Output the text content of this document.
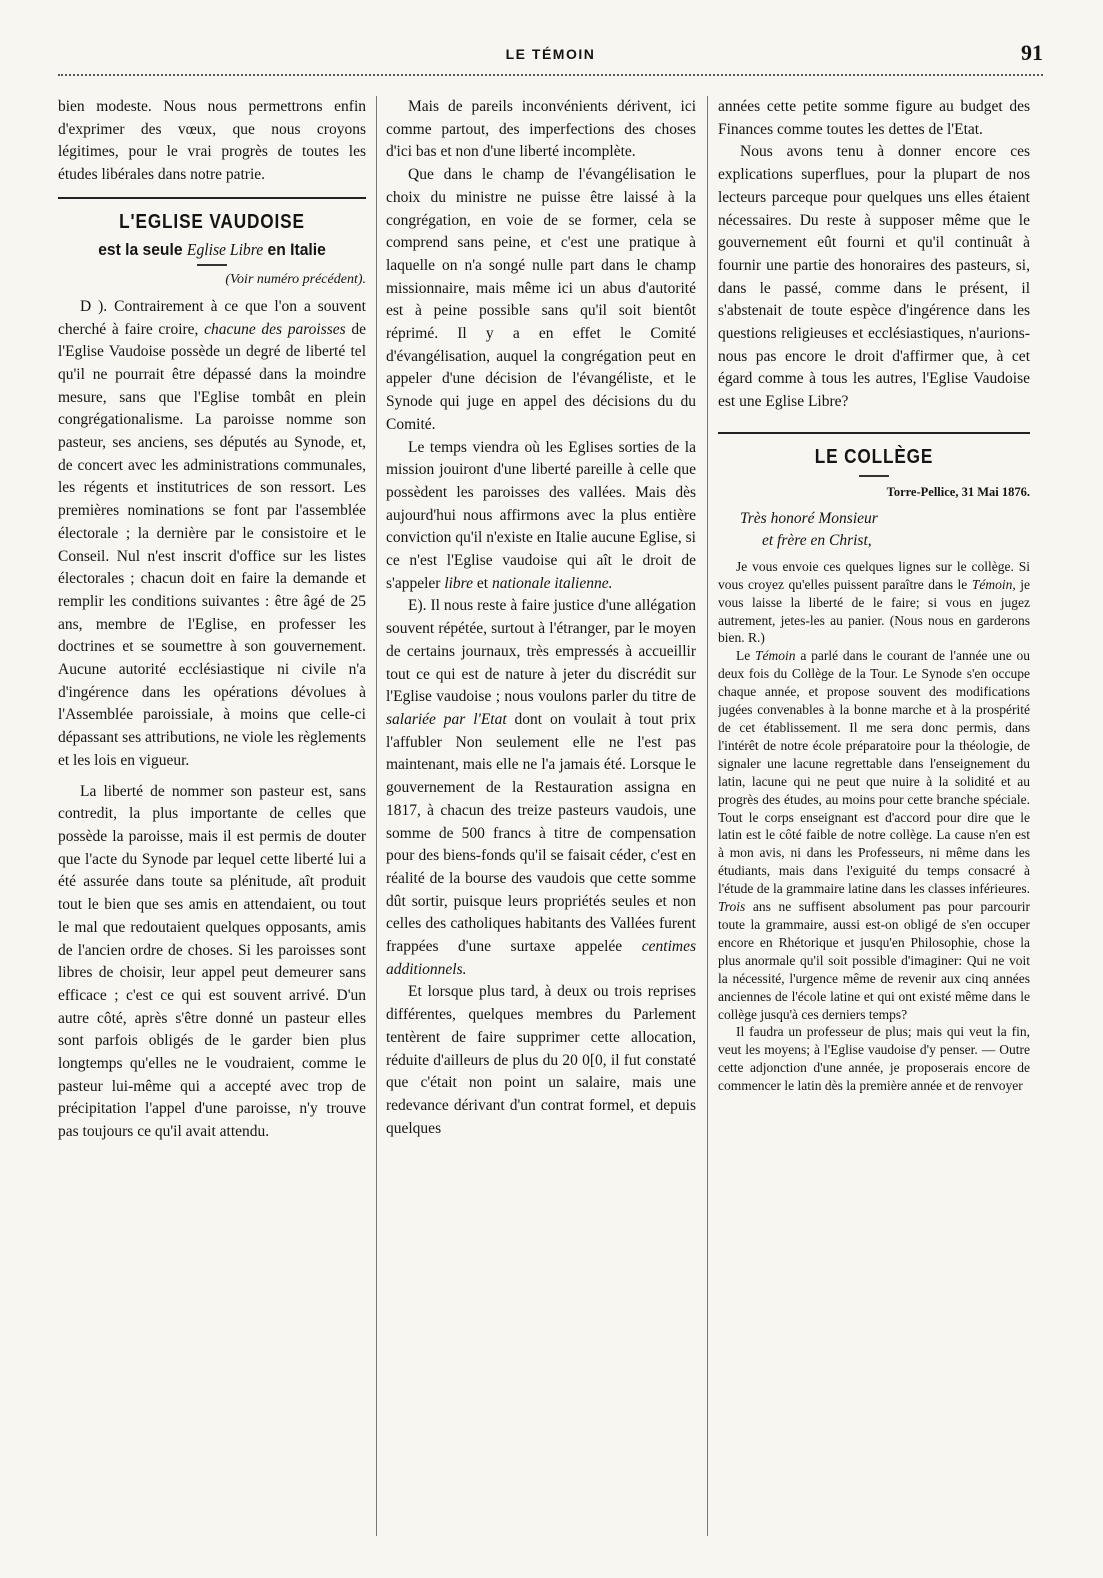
LE TÉMOIN	91

bien modeste. Nous nous permettrons enfin d'exprimer des vœux, que nous croyons légitimes, pour le vrai progrès de toutes les études libérales dans notre patrie.

L'EGLISE VAUDOISE
est la seule Eglise Libre en Italie
(Voir numéro précédent).

D ). Contrairement à ce que l'on a souvent cherché à faire croire, chacune des paroisses de l'Eglise Vaudoise possède un degré de liberté tel qu'il ne pourrait être dépassé dans la moindre mesure, sans que l'Eglise tombât en plein congrégationalisme. La paroisse nomme son pasteur, ses anciens, ses députés au Synode, et, de concert avec les administrations communales, les régents et institutrices de son ressort. Les premières nominations se font par l'assemblée électorale ; la dernière par le consistoire et le Conseil. Nul n'est inscrit d'office sur les listes électorales ; chacun doit en faire la demande et remplir les conditions suivantes : être âgé de 25 ans, membre de l'Eglise, en professer les doctrines et se soumettre à son gouvernement. Aucune autorité ecclésiastique ni civile n'a d'ingérence dans les opérations dévolues à l'Assemblée paroissiale, à moins que celle-ci dépassant ses attributions, ne viole les règlements et les lois en vigueur.

La liberté de nommer son pasteur est, sans contredit, la plus importante de celles que possède la paroisse, mais il est permis de douter que l'acte du Synode par lequel cette liberté lui a été assurée dans toute sa plénitude, aît produit tout le bien que ses amis en attendaient, ou tout le mal que redoutaient quelques opposants, amis de l'ancien ordre de choses. Si les paroisses sont libres de choisir, leur appel peut demeurer sans efficace ; c'est ce qui est souvent arrivé. D'un autre côté, après s'être donné un pasteur elles sont parfois obligés de le garder bien plus longtemps qu'elles ne le voudraient, comme le pasteur lui-même qui a accepté avec trop de précipitation l'appel d'une paroisse, n'y trouve pas toujours ce qu'il avait attendu.

Mais de pareils inconvénients dérivent, ici comme partout, des imperfections des choses d'ici bas et non d'une liberté incomplète.

Que dans le champ de l'évangélisation le choix du ministre ne puisse être laissé à la congrégation, en voie de se former, cela se comprend sans peine, et c'est une pratique à laquelle on n'a songé nulle part dans le champ missionnaire, mais même ici un abus d'autorité est à peine possible sans qu'il soit bientôt réprimé. Il y a en effet le Comité d'évangélisation, auquel la congrégation peut en appeler d'une décision de l'évangéliste, et le Synode qui juge en appel des décisions du du Comité.

Le temps viendra où les Eglises sorties de la mission jouiront d'une liberté pareille à celle que possèdent les paroisses des vallées. Mais dès aujourd'hui nous affirmons avec la plus entière conviction qu'il n'existe en Italie aucune Eglise, si ce n'est l'Eglise vaudoise qui aît le droit de s'appeler libre et nationale italienne.

E). Il nous reste à faire justice d'une allégation souvent répétée, surtout à l'étranger, par le moyen de certains journaux, très empressés à accueillir tout ce qui est de nature à jeter du discrédit sur l'Eglise vaudoise ; nous voulons parler du titre de salariée par l'Etat dont on voulait à tout prix l'affubler Non seulement elle ne l'est pas maintenant, mais elle ne l'a jamais été. Lorsque le gouvernement de la Restauration assigna en 1817, à chacun des treize pasteurs vaudois, une somme de 500 francs à titre de compensation pour des biens-fonds qu'il se faisait céder, c'est en réalité de la bourse des vaudois que cette somme dût sortir, puisque leurs propriétés seules et non celles des catholiques habitants des Vallées furent frappées d'une surtaxe appelée centimes additionnels.

Et lorsque plus tard, à deux ou trois reprises différentes, quelques membres du Parlement tentèrent de faire supprimer cette allocation, réduite d'ailleurs de plus du 20 0[0, il fut constaté que c'était non point un salaire, mais une redevance dérivant d'un contrat formel, et depuis quelques

années cette petite somme figure au budget des Finances comme toutes les dettes de l'Etat.

Nous avons tenu à donner encore ces explications superflues, pour la plupart de nos lecteurs parceque pour quelques uns elles étaient nécessaires. Du reste à supposer même que le gouvernement eût fourni et qu'il continuât à fournir une partie des honoraires des pasteurs, si, dans le passé, comme dans le présent, il s'abstenait de toute espèce d'ingérence dans les questions religieuses et ecclésiastiques, n'aurions-nous pas encore le droit d'affirmer que, à cet égard comme à tous les autres, l'Eglise Vaudoise est une Eglise Libre?

LE COLLÈGE
Torre-Pellice, 31 Mai 1876.
Très honoré Monsieur
et frère en Christ,

Je vous envoie ces quelques lignes sur le collège. Si vous croyez qu'elles puissent paraître dans le Témoin, je vous laisse la liberté de le faire; si vous en jugez autrement, jetes-les au panier. (Nous nous en garderons bien. R.)

Le Témoin a parlé dans le courant de l'année une ou deux fois du Collège de la Tour. Le Synode s'en occupe chaque année, et propose souvent des modifications jugées convenables à la bonne marche et à la prospérité de cet établissement. Il me sera donc permis, dans l'intérêt de notre école préparatoire pour la théologie, de signaler une lacune regrettable dans l'enseignement du latin, lacune qui ne peut que nuire à la solidité et au progrès des études, au moins pour cette branche spéciale. Tout le corps enseignant est d'accord pour dire que le latin est le côté faible de notre collège. La cause n'en est à mon avis, ni dans les Professeurs, ni même dans les étudiants, mais dans l'exiguité du temps consacré à l'étude de la grammaire latine dans les classes inférieures. Trois ans ne suffisent absolument pas pour parcourir toute la grammaire, aussi est-on obligé de s'en occuper encore en Rhétorique et jusqu'en Philosophie, chose la plus anormale qu'il soit possible d'imaginer: Qui ne voit la nécessité, l'urgence même de revenir aux cinq années anciennes de l'école latine et qui ont existé même dans le collège jusqu'à ces derniers temps?

Il faudra un professeur de plus; mais qui veut la fin, veut les moyens; à l'Eglise vaudoise d'y penser. — Outre cette adjonction d'une année, je proposerais encore de commencer le latin dès la première année et de renvoyer
